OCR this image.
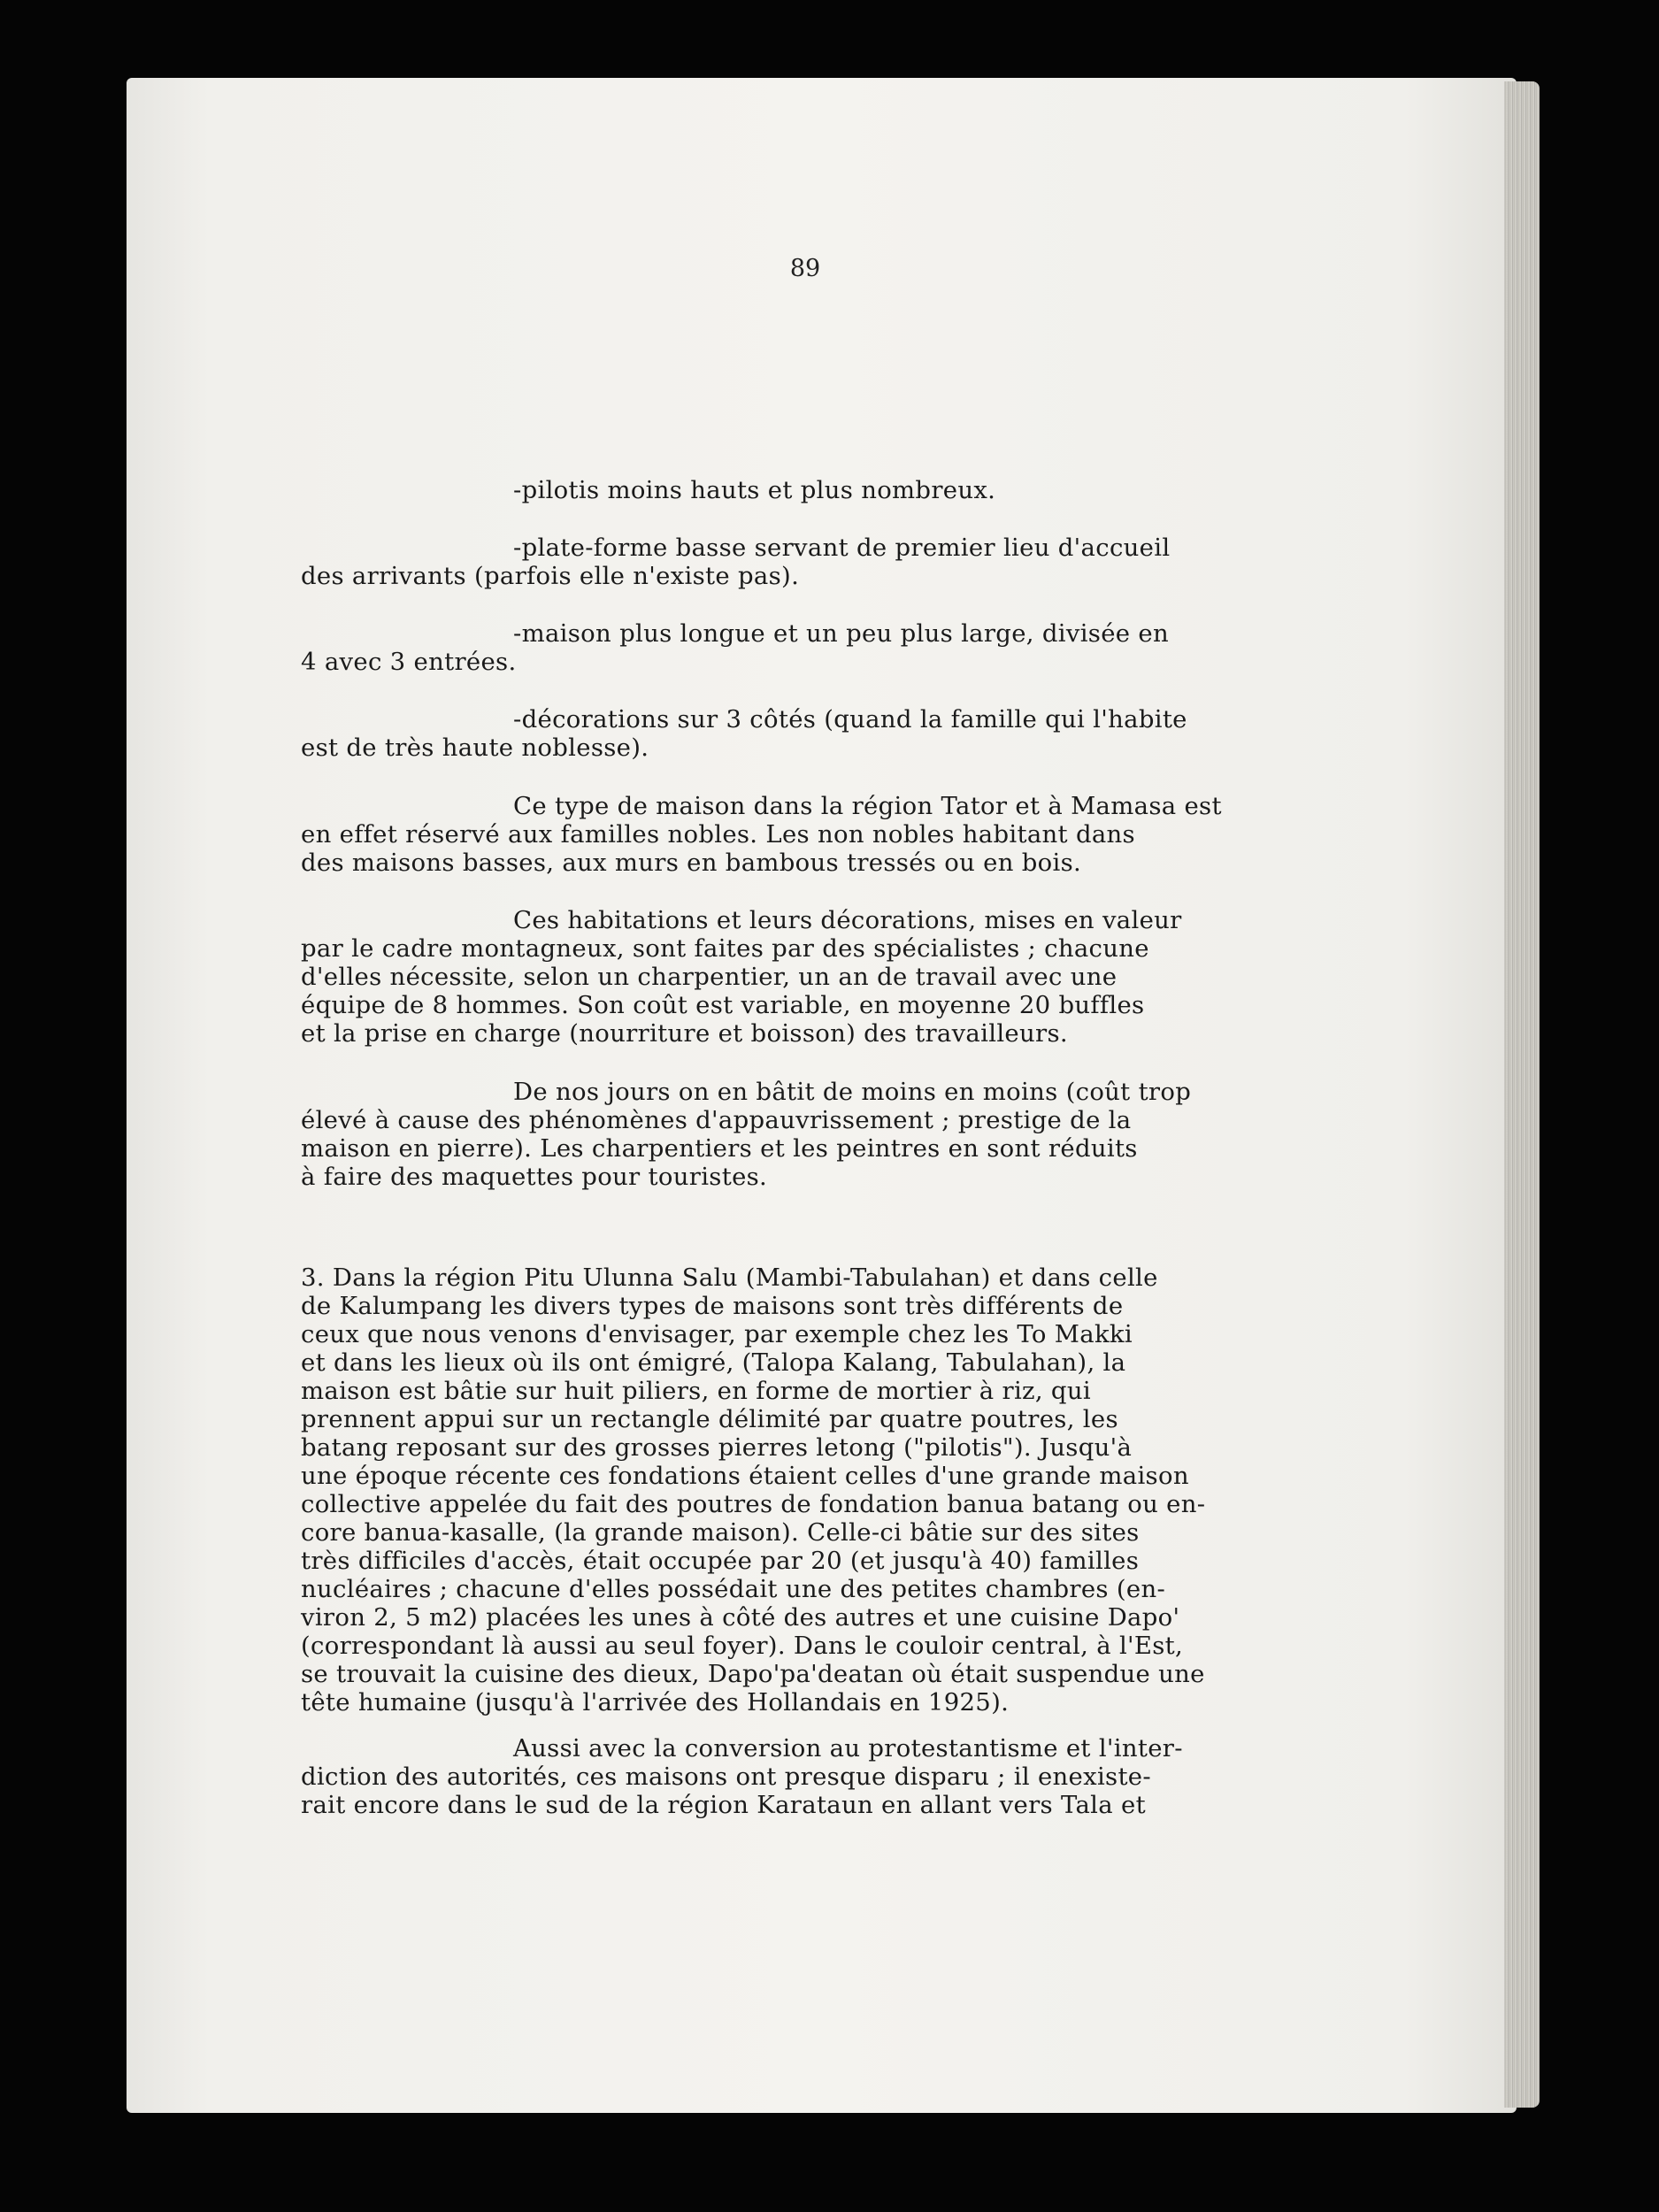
89
-pilotis moins hauts et plus nombreux.
-plate-forme basse servant de premier lieu d'accueil
des arrivants (parfois elle n'existe pas).
-maison plus longue et un peu plus large, divisée en
4 avec 3 entrées.
-décorations sur 3 côtés (quand la famille qui l'habite
est de très haute noblesse).
Ce type de maison dans la région Tator et à Mamasa est
en effet réservé aux familles nobles. Les non nobles habitant dans
des maisons basses, aux murs en bambous tressés ou en bois.
Ces habitations et leurs décorations, mises en valeur
par le cadre montagneux, sont faites par des spécialistes ; chacune
d'elles nécessite, selon un charpentier, un an de travail avec une
équipe de 8 hommes. Son coût est variable, en moyenne 20 buffles
et la prise en charge (nourriture et boisson) des travailleurs.
De nos jours on en bâtit de moins en moins (coût trop
élevé à cause des phénomènes d'appauvrissement ; prestige de la
maison en pierre). Les charpentiers et les peintres en sont réduits
à faire des maquettes pour touristes.
3. Dans la région Pitu Ulunna Salu (Mambi-Tabulahan) et dans celle
de Kalumpang les divers types de maisons sont très différents de
ceux que nous venons d'envisager, par exemple chez les To Makki
et dans les lieux où ils ont émigré, (Talopa Kalang, Tabulahan), la
maison est bâtie sur huit piliers, en forme de mortier à riz, qui
prennent appui sur un rectangle délimité par quatre poutres, les
batang reposant sur des grosses pierres letong ("pilotis"). Jusqu'à
une époque récente ces fondations étaient celles d'une grande maison
collective appelée du fait des poutres de fondation banua batang ou en-
core banua-kasalle, (la grande maison). Celle-ci bâtie sur des sites
très difficiles d'accès, était occupée par 20 (et jusqu'à 40) familles
nucléaires ; chacune d'elles possédait une des petites chambres (en-
viron 2, 5 m2) placées les unes à côté des autres et une cuisine Dapo'
(correspondant là aussi au seul foyer). Dans le couloir central, à l'Est,
se trouvait la cuisine des dieux, Dapo'pa'deatan où était suspendue une
tête humaine (jusqu'à l'arrivée des Hollandais en 1925).
Aussi avec la conversion au protestantisme et l'inter-
diction des autorités, ces maisons ont presque disparu ; il enexiste-
rait encore dans le sud de la région Karataun en allant vers Tala et
